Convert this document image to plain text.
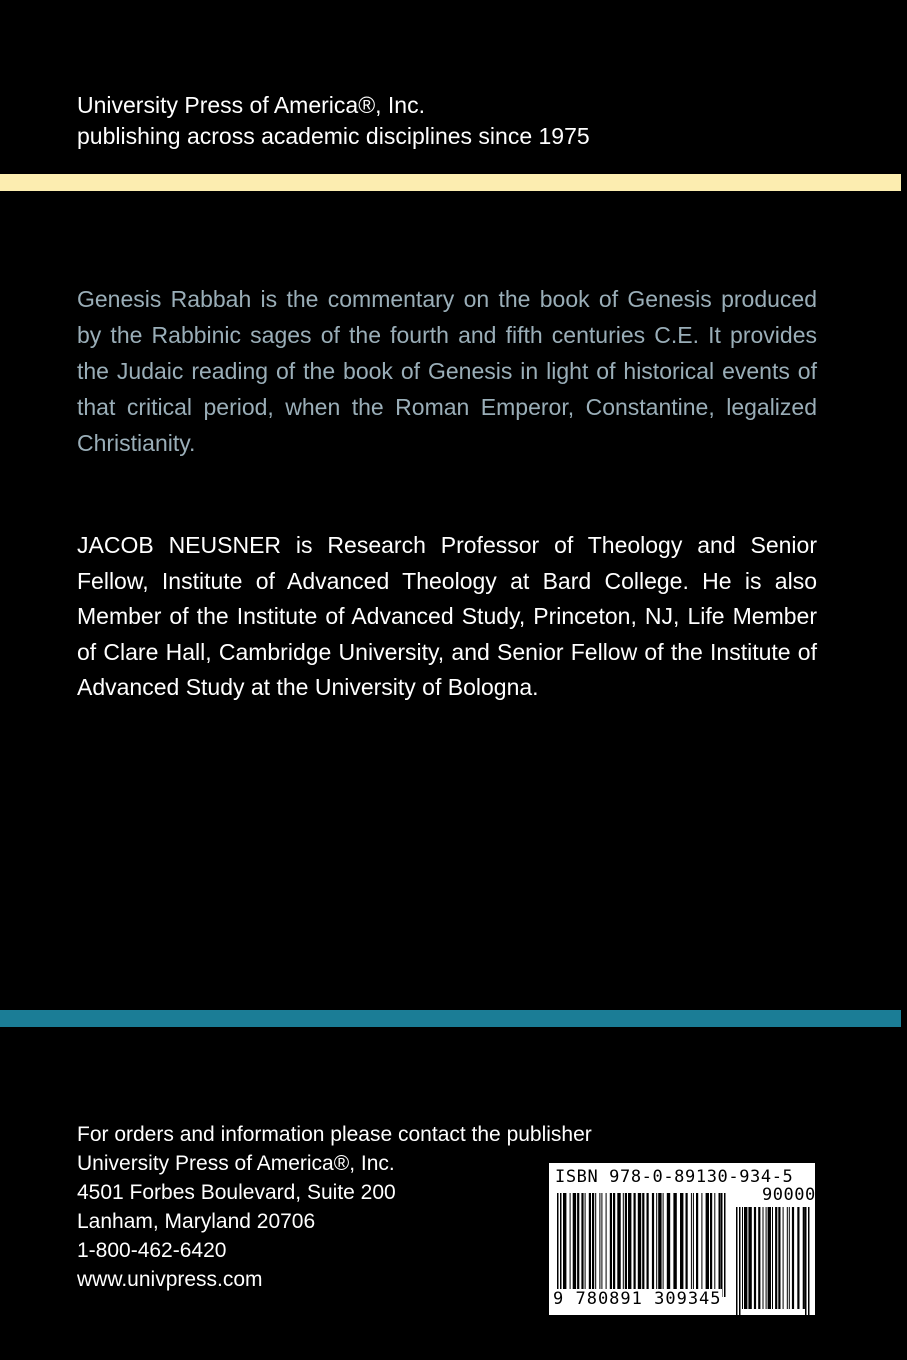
University Press of America®, Inc.
publishing across academic disciplines since 1975

Genesis Rabbah is the commentary on the book of Genesis produced by the Rabbinic sages of the fourth and fifth centuries C.E. It provides the Judaic reading of the book of Genesis in light of historical events of that critical period, when the Roman Emperor, Constantine, legalized Christianity.

JACOB NEUSNER is Research Professor of Theology and Senior Fellow, Institute of Advanced Theology at Bard College. He is also Member of the Institute of Advanced Study, Princeton, NJ, Life Member of Clare Hall, Cambridge University, and Senior Fellow of the Institute of Advanced Study at the University of Bologna.

For orders and information please contact the publisher
University Press of America®, Inc.
4501 Forbes Boulevard, Suite 200
Lanham, Maryland 20706
1-800-462-6420
www.univpress.com
ISBN 978-0-89130-934-5
90000
9 780891 309345
